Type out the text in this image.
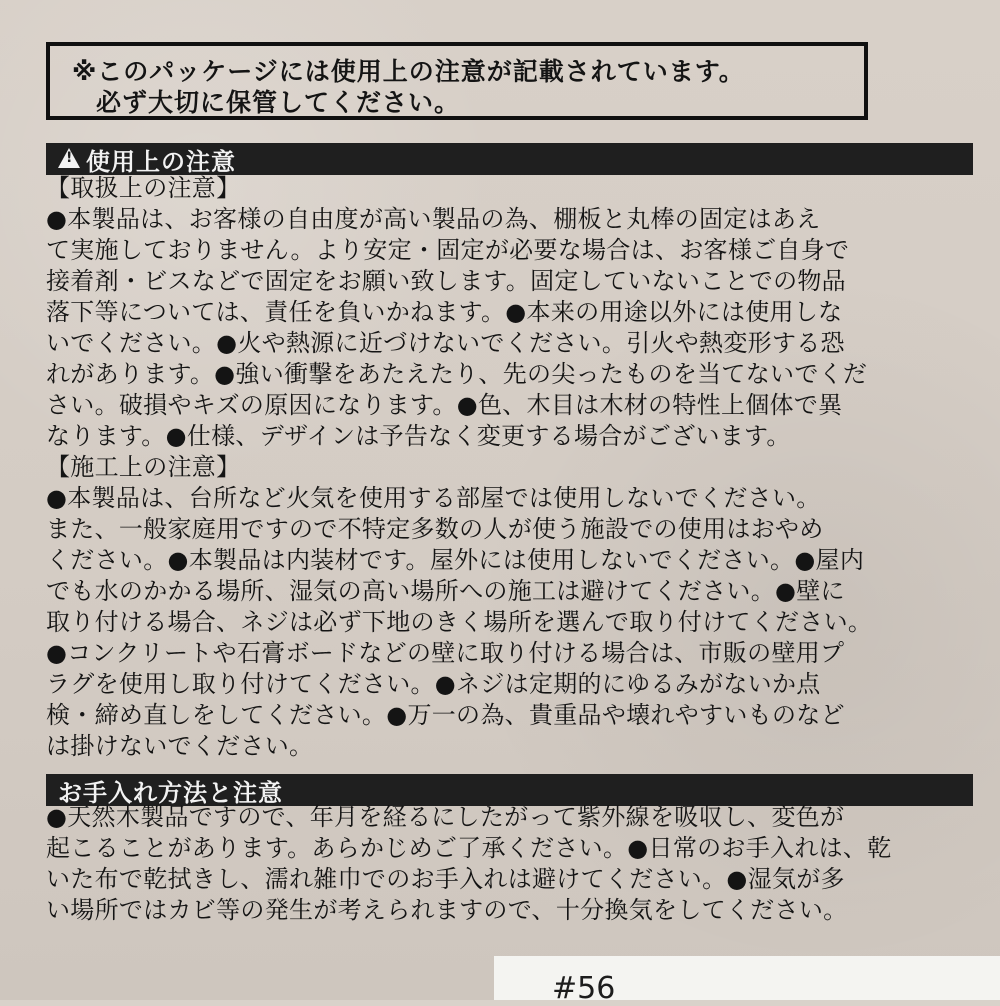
※このパッケージには使用上の注意が記載されています。
必ず大切に保管してください。
!
使用上の注意
【取扱上の注意】
●本製品は、お客様の自由度が高い製品の為、棚板と丸棒の固定はあえ
て実施しておりません。より安定・固定が必要な場合は、お客様ご自身で
接着剤・ビスなどで固定をお願い致します。固定していないことでの物品
落下等については、責任を負いかねます。●本来の用途以外には使用しな
いでください。●火や熱源に近づけないでください。引火や熱変形する恐
れがあります。●強い衝撃をあたえたり、先の尖ったものを当てないでくだ
さい。破損やキズの原因になります。●色、木目は木材の特性上個体で異
なります。●仕様、デザインは予告なく変更する場合がございます。
【施工上の注意】
●本製品は、台所など火気を使用する部屋では使用しないでください。
また、一般家庭用ですので不特定多数の人が使う施設での使用はおやめ
ください。●本製品は内装材です。屋外には使用しないでください。●屋内
でも水のかかる場所、湿気の高い場所への施工は避けてください。●壁に
取り付ける場合、ネジは必ず下地のきく場所を選んで取り付けてください。
●コンクリートや石膏ボードなどの壁に取り付ける場合は、市販の壁用プ
ラグを使用し取り付けてください。●ネジは定期的にゆるみがないか点
検・締め直しをしてください。●万一の為、貴重品や壊れやすいものなど
は掛けないでください。
お手入れ方法と注意
●天然木製品ですので、年月を経るにしたがって紫外線を吸収し、変色が
起こることがあります。あらかじめご了承ください。●日常のお手入れは、乾
いた布で乾拭きし、濡れ雑巾でのお手入れは避けてください。●湿気が多
い場所ではカビ等の発生が考えられますので、十分換気をしてください。
#56
